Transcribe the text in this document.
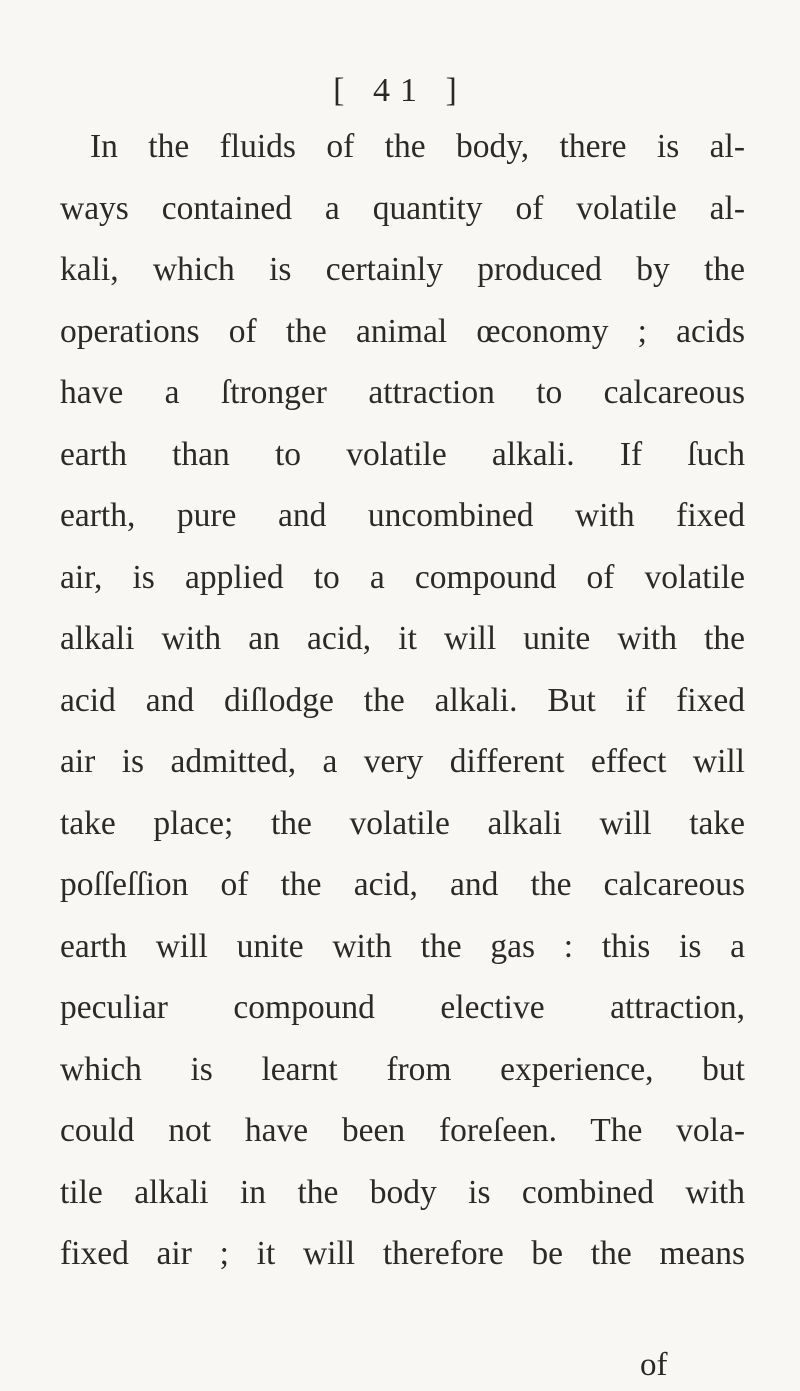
[ 41 ]
In the fluids of the body, there is al-
ways contained a quantity of volatile al-
kali, which is certainly produced by the
operations of the animal œconomy ; acids
have a ſtronger attraction to calcareous
earth than to volatile alkali. If ſuch
earth, pure and uncombined with fixed
air, is applied to a compound of volatile
alkali with an acid, it will unite with the
acid and diſlodge the alkali. But if fixed
air is admitted, a very different effect will
take place; the volatile alkali will take
poſſeſſion of the acid, and the calcareous
earth will unite with the gas : this is a
peculiar compound elective attraction,
which is learnt from experience, but
could not have been foreſeen. The vola-
tile alkali in the body is combined with
fixed air ; it will therefore be the means
of
